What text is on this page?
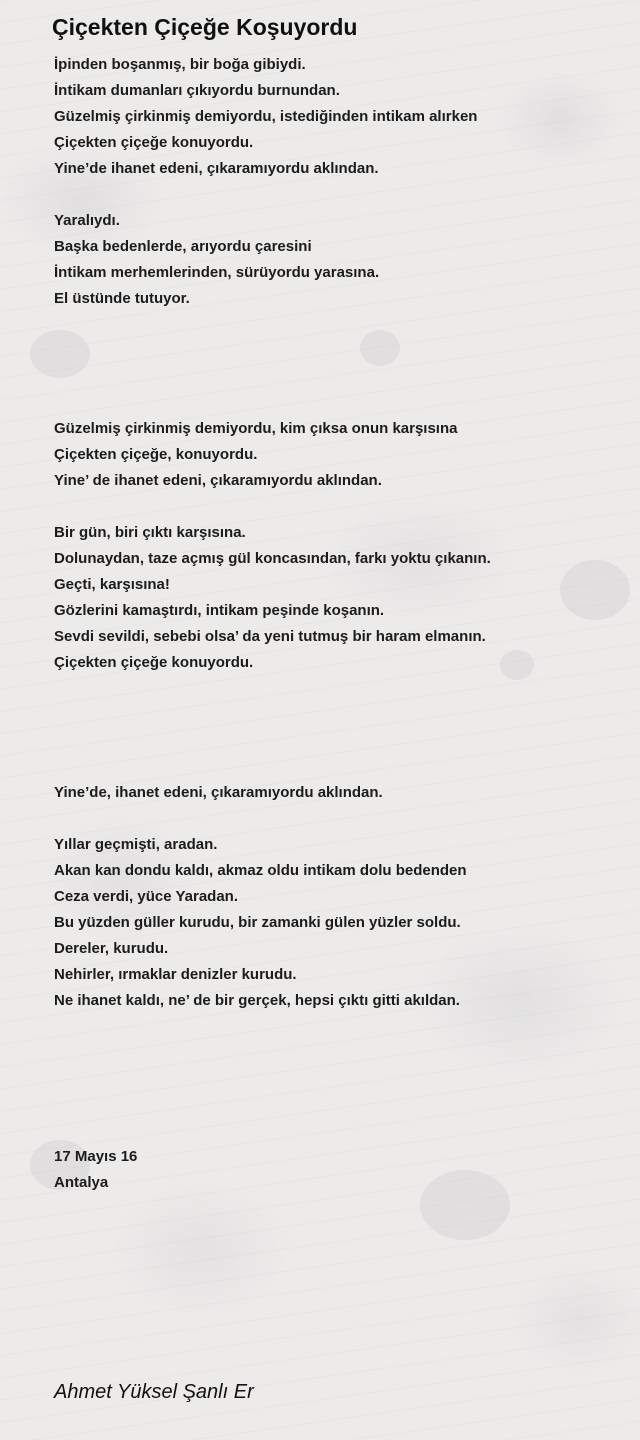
Çiçekten Çiçeğe Koşuyordu
İpinden boşanmış, bir boğa gibiydi.
İntikam dumanları çıkıyordu burnundan.
Güzelmiş çirkinmiş demiyordu, istediğinden intikam alırken
Çiçekten çiçeğe konuyordu.
Yine’de ihanet edeni, çıkaramıyordu aklından.
Yaralıydı.
Başka bedenlerde, arıyordu çaresini
İntikam merhemlerinden, sürüyordu yarasına.
El üstünde tutuyor.
Güzelmiş çirkinmiş demiyordu, kim çıksa onun karşısına
Çiçekten çiçeğe, konuyordu.
Yine’ de ihanet edeni, çıkaramıyordu aklından.
Bir gün, biri çıktı karşısına.
Dolunaydan, taze açmış gül koncasından, farkı yoktu çıkanın.
Geçti, karşısına!
Gözlerini kamaştırdı, intikam peşinde koşanın.
Sevdi sevildi, sebebi olsa’ da yeni tutmuş bir haram elmanın.
Çiçekten çiçeğe konuyordu.
Yine’de, ihanet edeni, çıkaramıyordu aklından.
Yıllar geçmişti, aradan.
Akan kan dondu kaldı, akmaz oldu intikam dolu bedenden
Ceza verdi, yüce Yaradan.
Bu yüzden güller kurudu, bir zamanki gülen yüzler soldu.
Dereler, kurudu.
Nehirler, ırmaklar denizler kurudu.
Ne ihanet kaldı, ne’ de bir gerçek, hepsi çıktı gitti akıldan.
17 Mayıs 16
Antalya
Ahmet Yüksel Şanlı Er
